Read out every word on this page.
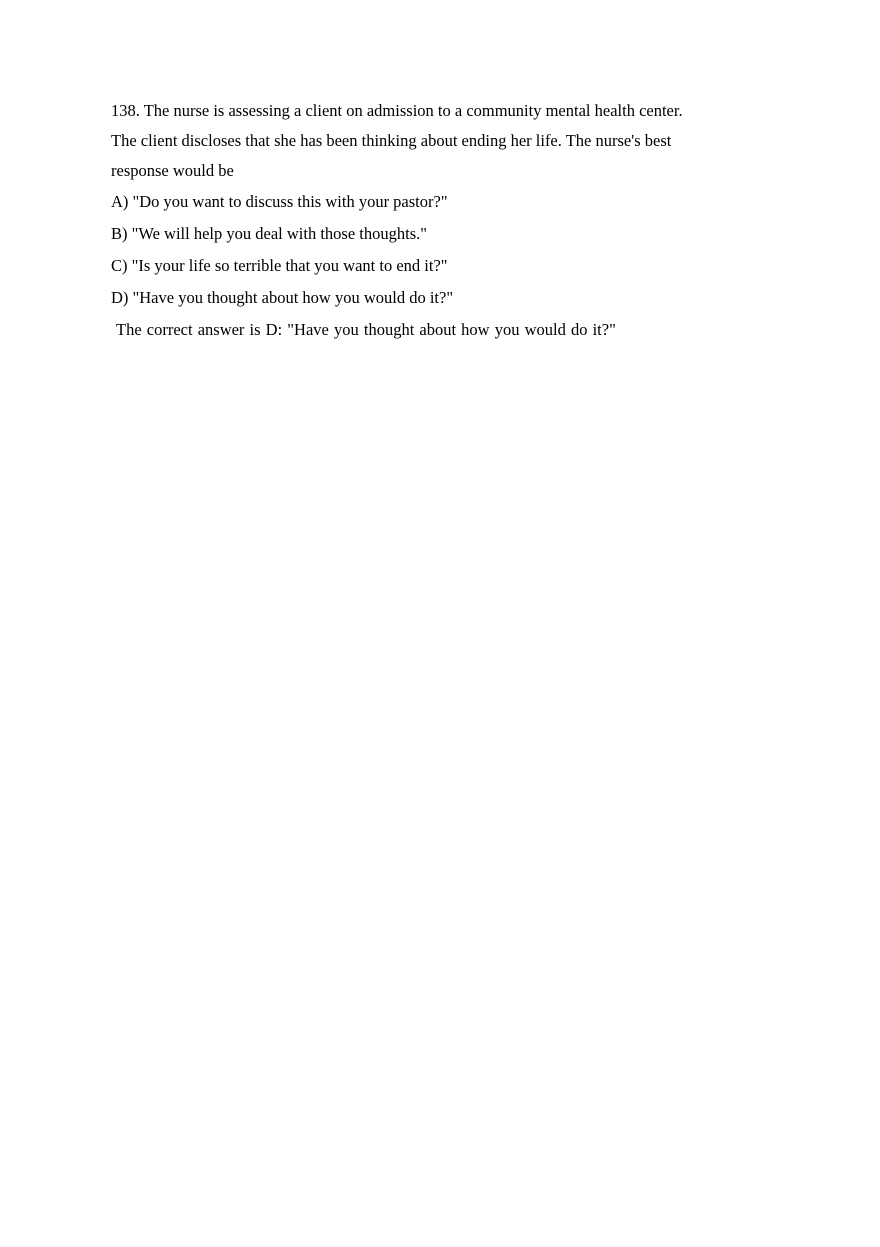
138. The nurse is assessing a client on admission to a community mental health center.

The client discloses that she has been thinking about ending her life. The nurse's best

response would be

A) "Do you want to discuss this with your pastor?"
B) "We will help you deal with those thoughts."
C) "Is your life so terrible that you want to end it?"
D) "Have you thought about how you would do it?"

The correct answer is D: "Have you thought about how you would do it?"
